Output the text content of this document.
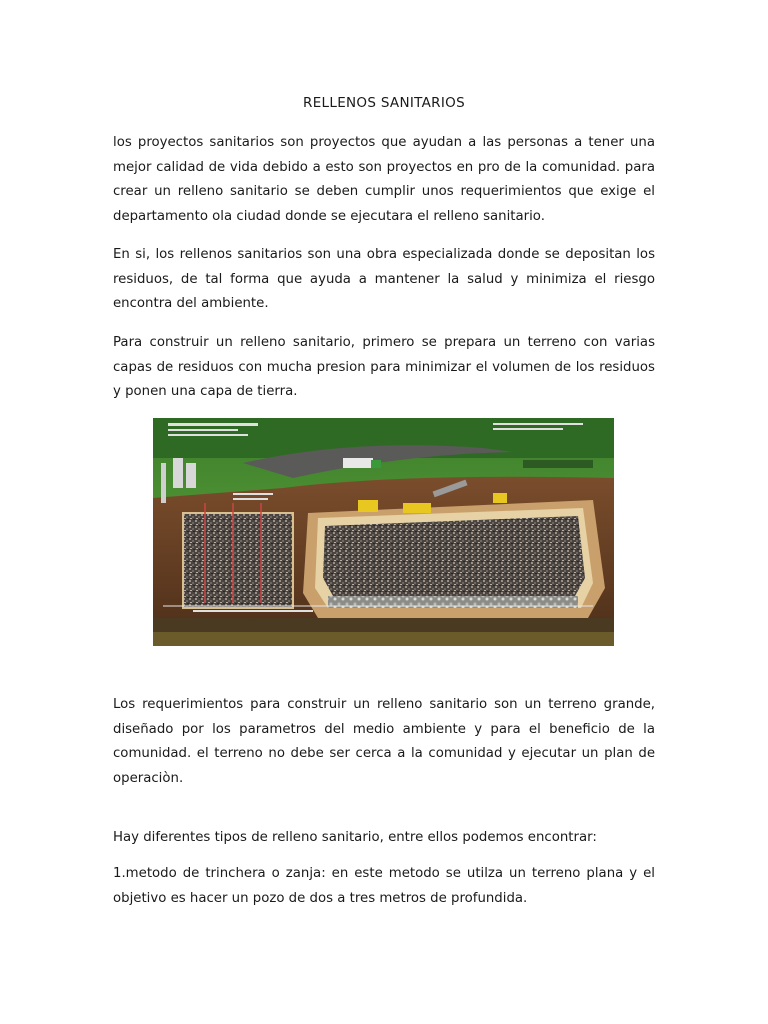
RELLENOS SANITARIOS

los proyectos sanitarios son proyectos que ayudan a las personas a tener una mejor calidad de vida debido a esto son proyectos en pro de la comunidad. para crear un relleno sanitario se deben cumplir unos requerimientos que exige el departamento ola ciudad donde se ejecutara el relleno sanitario.

En si, los rellenos sanitarios son una obra especializada donde se depositan los residuos, de tal forma que ayuda a mantener la salud y minimiza el riesgo encontra del ambiente.

Para construir un relleno sanitario, primero se prepara un terreno con varias capas de residuos con mucha presion para minimizar el volumen de los residuos y ponen una capa de tierra.

Los requerimientos para construir un relleno sanitario son un terreno grande, diseñado por los parametros del medio ambiente y para el beneficio de la comunidad. el terreno no debe ser cerca a la comunidad y ejecutar un plan de operaciòn.

Hay diferentes tipos de relleno sanitario, entre ellos podemos encontrar:

1.metodo de trinchera o zanja: en este metodo se utilza un terreno plana y el objetivo es hacer un pozo de dos a tres metros de profundida.
